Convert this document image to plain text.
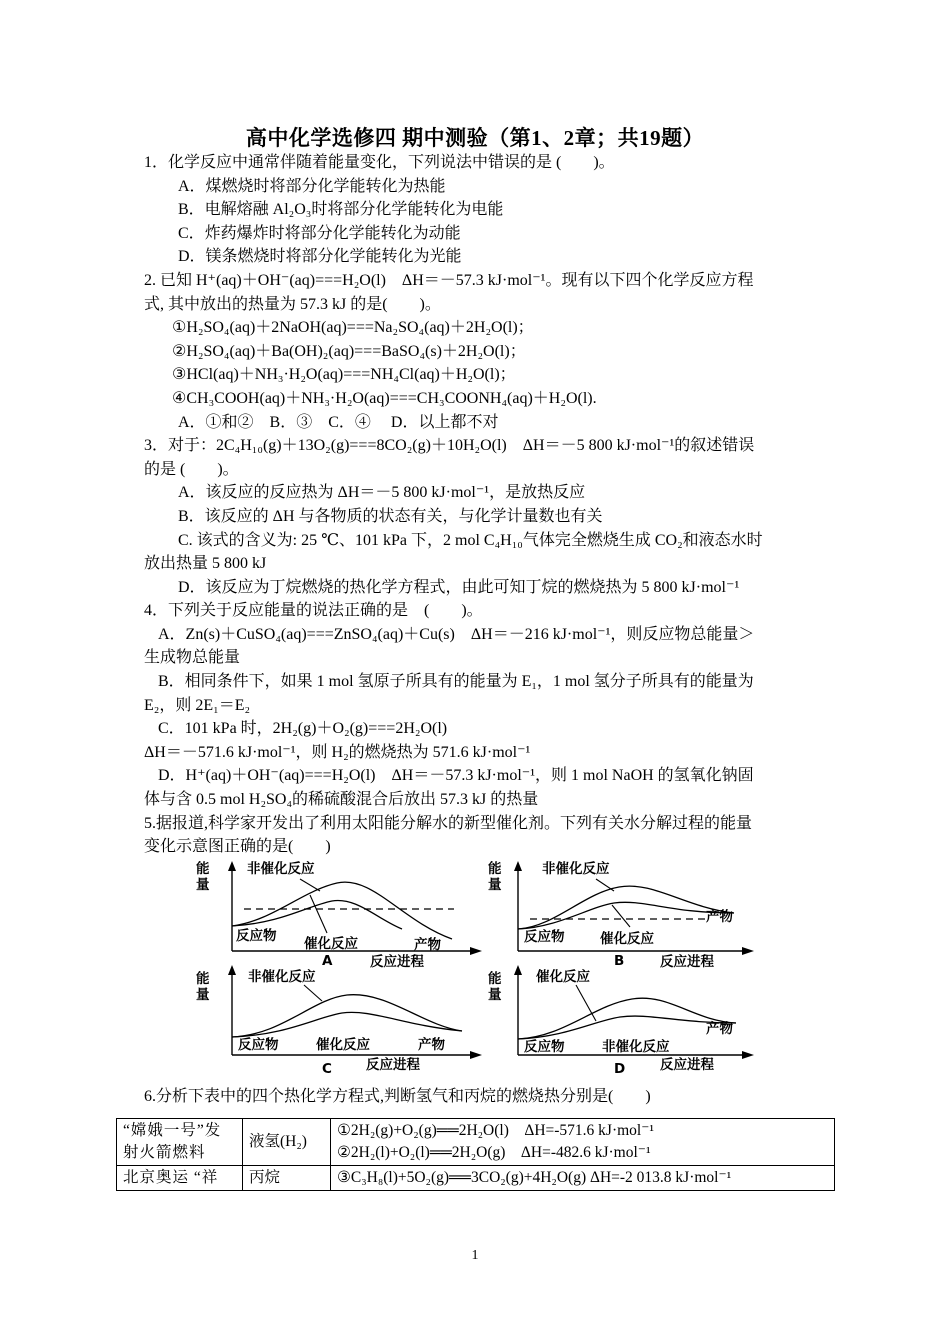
高中化学选修四 期中测验（第1、2章；共19题）
1．化学反应中通常伴随着能量变化，下列说法中错误的是 (　　)。
A．煤燃烧时将部分化学能转化为热能
B．电解熔融 Al₂O₃时将部分化学能转化为电能
C．炸药爆炸时将部分化学能转化为动能
D．镁条燃烧时将部分化学能转化为光能
2. 已知 H⁺(aq)＋OH⁻(aq)===H₂O(l)　ΔH＝－57.3 kJ·mol⁻¹。现有以下四个化学反应方程
式, 其中放出的热量为 57.3 kJ 的是(　　)。
①H₂SO₄(aq)＋2NaOH(aq)===Na₂SO₄(aq)＋2H₂O(l)；
②H₂SO₄(aq)＋Ba(OH)₂(aq)===BaSO₄(s)＋2H₂O(l)；
③HCl(aq)＋NH₃·H₂O(aq)===NH₄Cl(aq)＋H₂O(l)；
④CH₃COOH(aq)＋NH₃·H₂O(aq)===CH₃COONH₄(aq)＋H₂O(l).
A．①和②　B．③　C．④　 D．以上都不对
3．对于：2C₄H₁₀(g)＋13O₂(g)===8CO₂(g)＋10H₂O(l)　ΔH＝－5 800 kJ·mol⁻¹的叙述错误
的是 (　　)。
A．该反应的反应热为 ΔH＝－5 800 kJ·mol⁻¹，是放热反应
B．该反应的 ΔH 与各物质的状态有关，与化学计量数也有关
C. 该式的含义为: 25 ℃、101 kPa 下，2 mol C₄H₁₀气体完全燃烧生成 CO₂和液态水时
放出热量 5 800 kJ
D．该反应为丁烷燃烧的热化学方程式，由此可知丁烷的燃烧热为 5 800 kJ·mol⁻¹
4．下列关于反应能量的说法正确的是　(　　)。
A．Zn(s)＋CuSO₄(aq)===ZnSO₄(aq)＋Cu(s)　ΔH＝－216 kJ·mol⁻¹，则反应物总能量＞
生成物总能量
B．相同条件下，如果 1 mol 氢原子所具有的能量为 E₁，1 mol 氢分子所具有的能量为
E₂，则 2E₁＝E₂
C．101 kPa 时，2H₂(g)＋O₂(g)===2H₂O(l)
ΔH＝－571.6 kJ·mol⁻¹，则 H₂的燃烧热为 571.6 kJ·mol⁻¹
D．H⁺(aq)＋OH⁻(aq)===H₂O(l)　ΔH＝－57.3 kJ·mol⁻¹，则 1 mol NaOH 的氢氧化钠固
体与含 0.5 mol H₂SO₄的稀硫酸混合后放出 57.3 kJ 的热量
5.据报道,科学家开发出了利用太阳能分解水的新型催化剂。下列有关水分解过程的能量
变化示意图正确的是(　　)
能
量
非催化反应
反应物 催化反应	产物
反应进程
A
能
量
非催化反应
反应物	催化反应
产物
反应进程
B
能
量
非催化反应
反应物	催化反应	产物
反应进程
C
能
量
催化反应
反应物	非催化反应
产物
反应进程
D
6.分析下表中的四个热化学方程式,判断氢气和丙烷的燃烧热分别是(　　)
“嫦娥一号”发射火箭燃料	液氢(H₂)	①2H₂(g)+O₂(g)══2H₂O(l)　ΔH=-571.6 kJ·mol⁻¹
②2H₂(l)+O₂(l)══2H₂O(g)　ΔH=-482.6 kJ·mol⁻¹

北京奥运 “祥	丙烷	③C₃H₈(l)+5O₂(g)══3CO₂(g)+4H₂O(g) ΔH=-2 013.8 kJ·mol⁻¹
1
